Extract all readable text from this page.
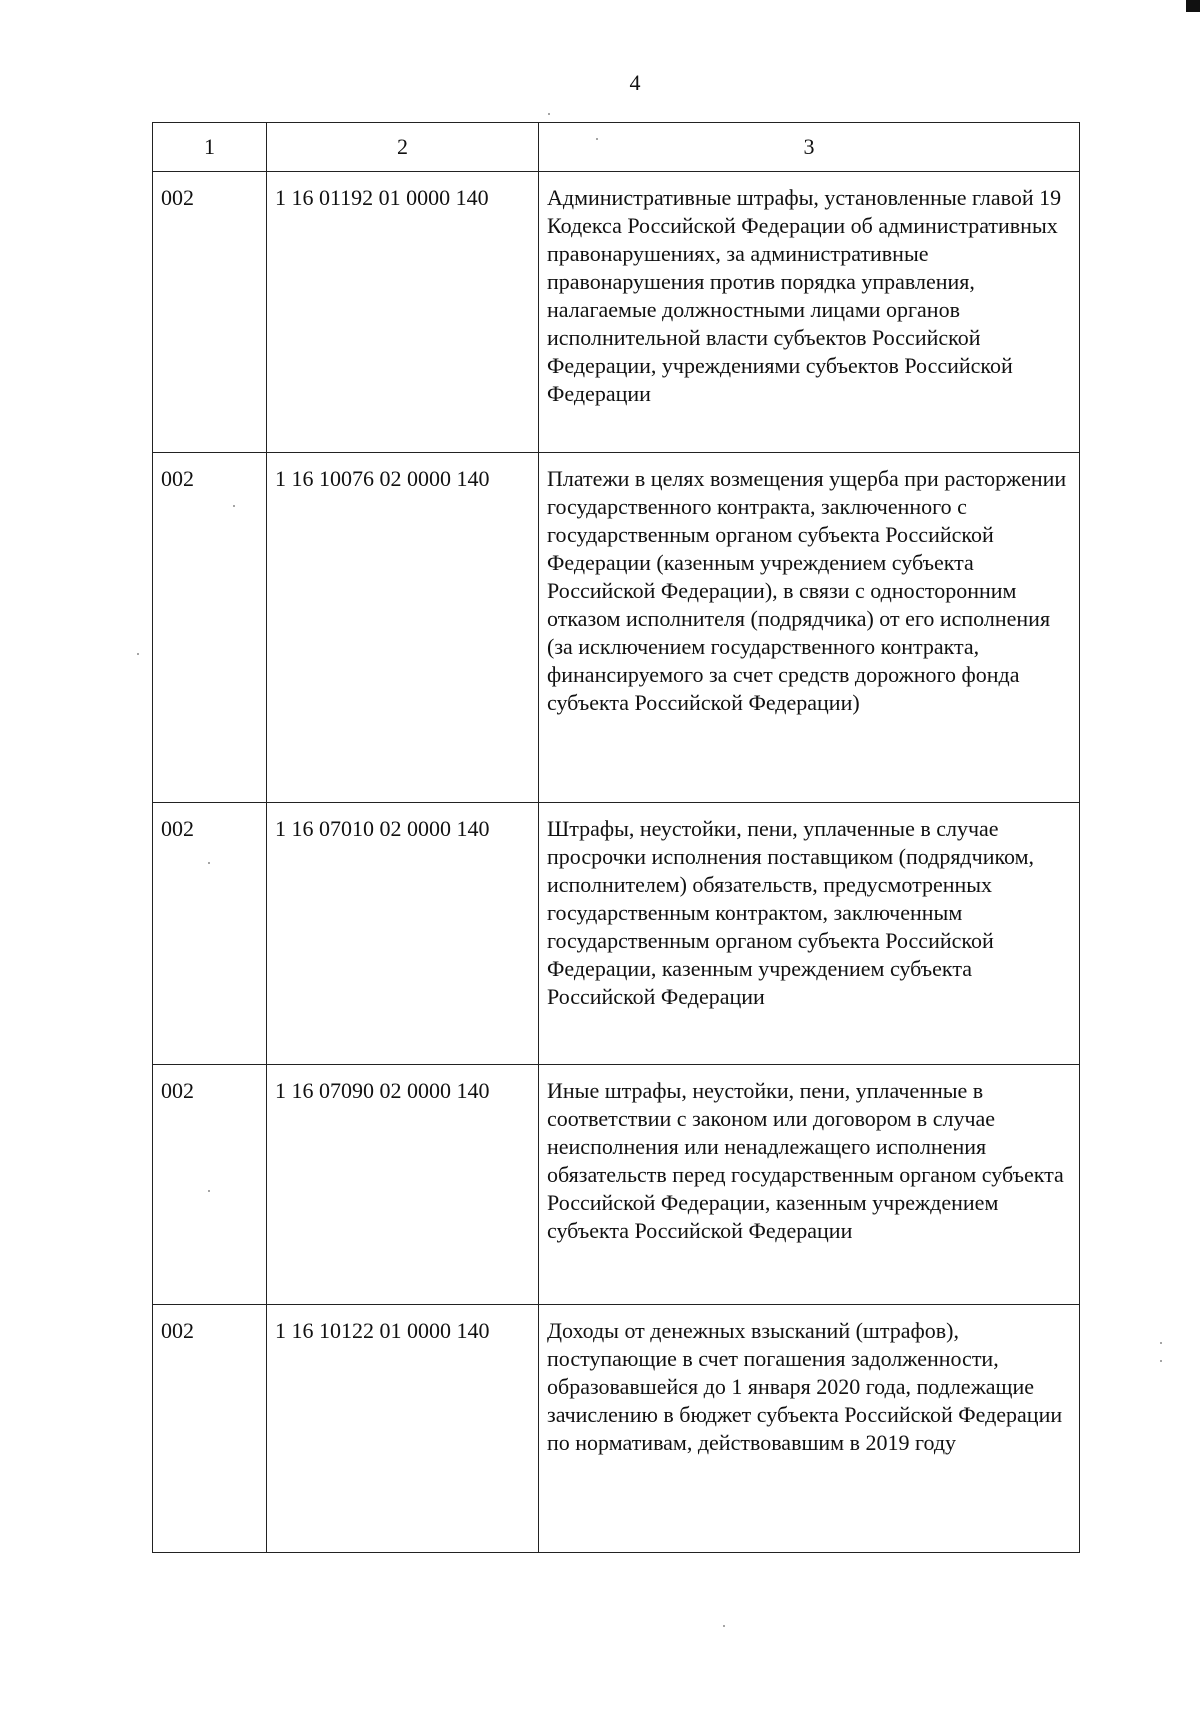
4
1	2	3
002	1 16 01192 01 0000 140	Административные штрафы, установленные главой 19 Кодекса Российской Федерации об административных правонарушениях, за административные правонарушения против порядка управления, налагаемые должностными лицами органов исполнительной власти субъектов Российской Федерации, учреждениями субъектов Российской Федерации
002	1 16 10076 02 0000 140	Платежи в целях возмещения ущерба при расторжении государственного контракта, заключенного с государственным органом субъекта Российской Федерации (казенным учреждением субъекта Российской Федерации), в связи с односторонним отказом исполнителя (подрядчика) от его исполнения (за исключением государственного контракта, финансируемого за счет средств дорожного фонда субъекта Российской Федерации)
002	1 16 07010 02 0000 140	Штрафы, неустойки, пени, уплаченные в случае просрочки исполнения поставщиком (подрядчиком, исполнителем) обязательств, предусмотренных государственным контрактом, заключенным государственным органом субъекта Российской Федерации, казенным учреждением субъекта Российской Федерации
002	1 16 07090 02 0000 140	Иные штрафы, неустойки, пени, уплаченные в соответствии с законом или договором в случае неисполнения или ненадлежащего исполнения обязательств перед государственным органом субъекта Российской Федерации, казенным учреждением субъекта Российской Федерации
002	1 16 10122 01 0000 140	Доходы от денежных взысканий (штрафов), поступающие в счет погашения задолженности, образовавшейся до 1 января 2020 года, подлежащие зачислению в бюджет субъекта Российской Федерации по нормативам, действовавшим в 2019 году
